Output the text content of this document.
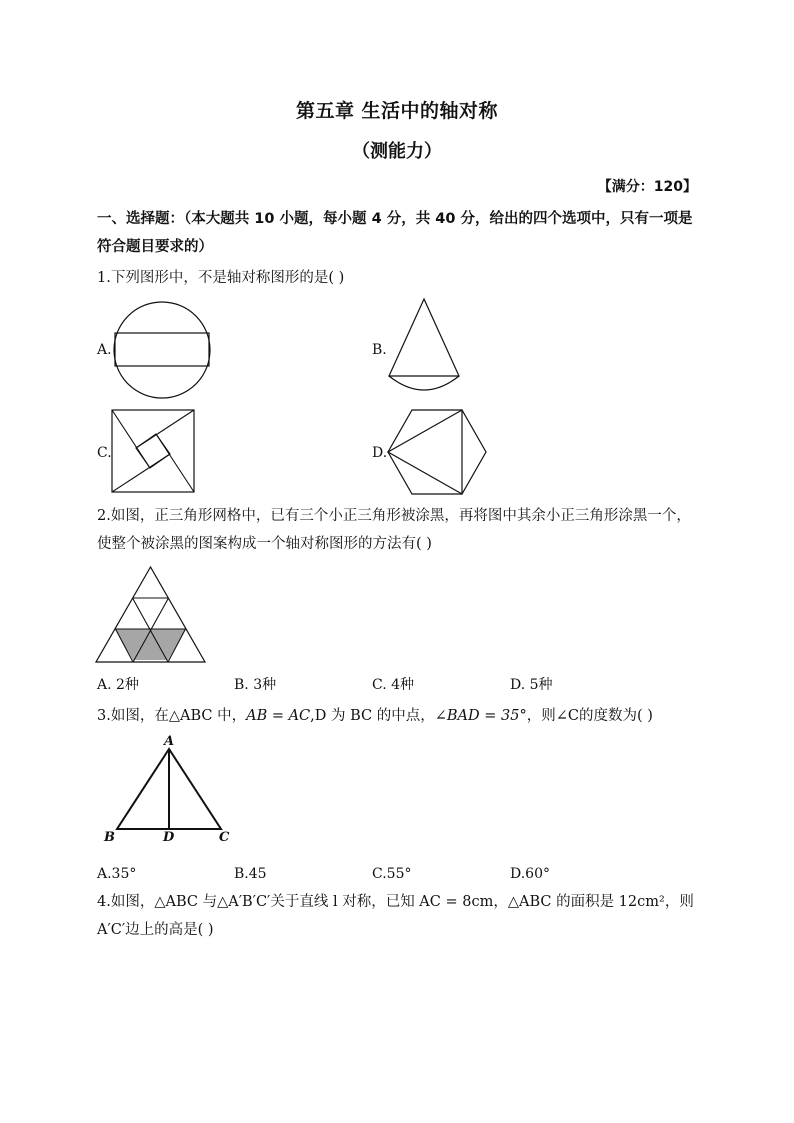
第五章 生活中的轴对称
（测能力）
【满分：120】
一、选择题：（本大题共 10 小题，每小题 4 分，共 40 分，给出的四个选项中，只有一项是符合题目要求的）
1.下列图形中，不是轴对称图形的是( )
A.	B.
C.	D.
2.如图，正三角形网格中，已有三个小正三角形被涂黑，再将图中其余小正三角形涂黑一个，使整个被涂黑的图案构成一个轴对称图形的方法有( )
A. 2种	B. 3种	C. 4种	D. 5种
3.如图，在△ABC 中，AB = AC,D 为 BC 的中点，∠BAD = 35°，则∠C的度数为( )
A
B	D	C
A.35°	B.45	C.55°	D.60°
4.如图，△ABC 与△A′B′C′关于直线 l 对称，已知 AC = 8cm，△ABC 的面积是 12cm²，则 A′C′边上的高是( )
